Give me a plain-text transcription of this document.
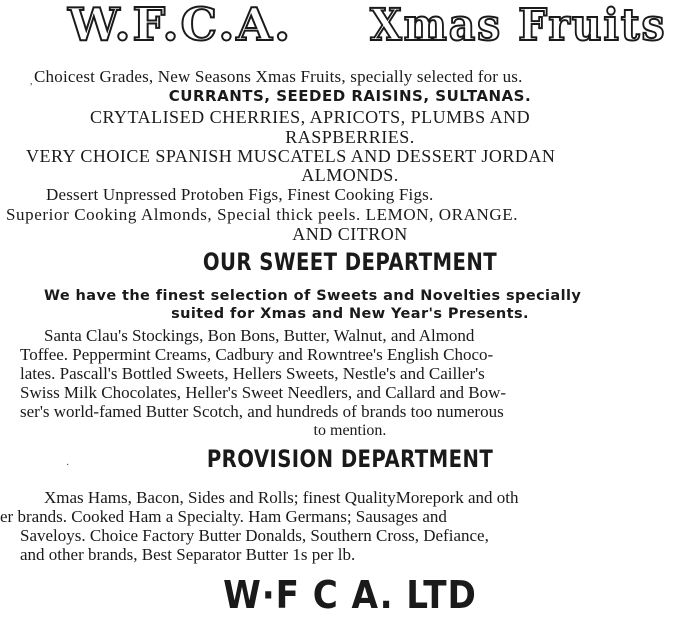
W.F.C.A. Xmas Fruits
Choicest Grades, New Seasons Xmas Fruits, specially selected for us.
CURRANTS, SEEDED RAISINS, SULTANAS.
CRYTALISED CHERRIES, APRICOTS, PLUMBS AND
RASPBERRIES.
VERY CHOICE SPANISH MUSCATELS AND DESSERT JORDAN
ALMONDS.
Dessert Unpressed Protoben Figs, Finest Cooking Figs.
Superior Cooking Almonds, Special thick peels. LEMON, ORANGE.
AND CITRON
OUR SWEET DEPARTMENT
We have the finest selection of Sweets and Novelties specially
suited for Xmas and New Year's Presents.
Santa Clau's Stockings, Bon Bons, Butter, Walnut, and Almond
Toffee. Peppermint Creams, Cadbury and Rowntree's English Choco-
lates. Pascall's Bottled Sweets, Hellers Sweets, Nestle's and Cailler's
Swiss Milk Chocolates, Heller's Sweet Needlers, and Callard and Bow-
ser's world-famed Butter Scotch, and hundreds of brands too numerous
to mention.
PROVISION DEPARTMENT
Xmas Hams, Bacon, Sides and Rolls; finest QualityMorepork and oth
er brands. Cooked Ham a Specialty. Ham Germans; Sausages and
Saveloys. Choice Factory Butter Donalds, Southern Cross, Defiance,
and other brands, Best Separator Butter 1s per lb.
W·F C A. LTD
,
·
